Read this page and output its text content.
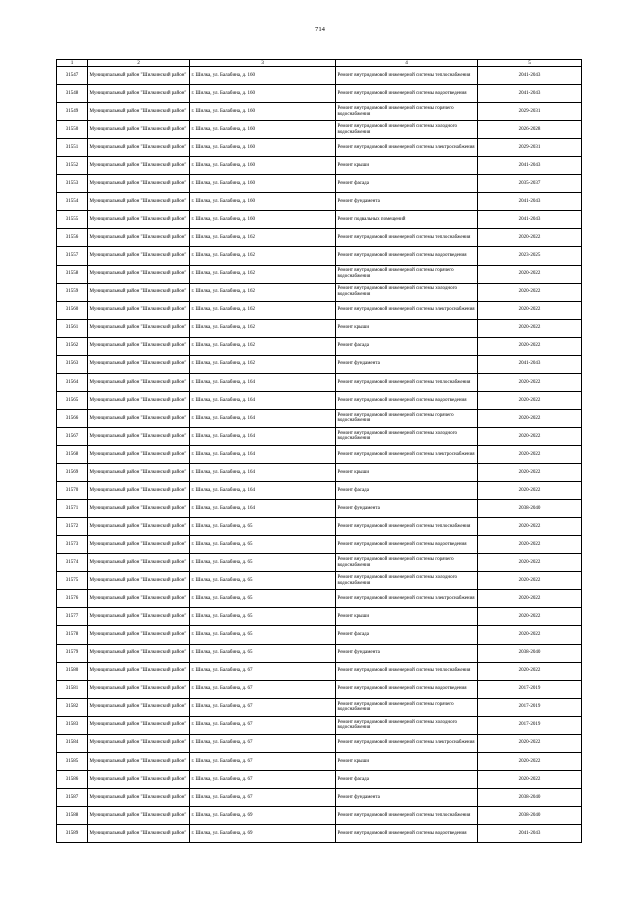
714
1	2	3	4	5
31547	Муниципальный район "Шилкинский район"	г. Шилка, ул. Балабина, д. 160	Ремонт внутридомовой инженерной системы теплоснабжения	2041-2043
31548	Муниципальный район "Шилкинский район"	г. Шилка, ул. Балабина, д. 160	Ремонт внутридомовой инженерной системы водоотведения	2041-2043
31549	Муниципальный район "Шилкинский район"	г. Шилка, ул. Балабина, д. 160	Ремонт внутридомовой инженерной системы горячего водоснабжения	2029-2031
31550	Муниципальный район "Шилкинский район"	г. Шилка, ул. Балабина, д. 160	Ремонт внутридомовой инженерной системы холодного водоснабжения	2026-2028
31551	Муниципальный район "Шилкинский район"	г. Шилка, ул. Балабина, д. 160	Ремонт внутридомовой инженерной системы электроснабжения	2029-2031
31552	Муниципальный район "Шилкинский район"	г. Шилка, ул. Балабина, д. 160	Ремонт крыши	2041-2043
31553	Муниципальный район "Шилкинский район"	г. Шилка, ул. Балабина, д. 160	Ремонт фасада	2035-2037
31554	Муниципальный район "Шилкинский район"	г. Шилка, ул. Балабина, д. 160	Ремонт фундамента	2041-2043
31555	Муниципальный район "Шилкинский район"	г. Шилка, ул. Балабина, д. 160	Ремонт подвальных помещений	2041-2043
31556	Муниципальный район "Шилкинский район"	г. Шилка, ул. Балабина, д. 162	Ремонт внутридомовой инженерной системы теплоснабжения	2020-2022
31557	Муниципальный район "Шилкинский район"	г. Шилка, ул. Балабина, д. 162	Ремонт внутридомовой инженерной системы водоотведения	2023-2025
31558	Муниципальный район "Шилкинский район"	г. Шилка, ул. Балабина, д. 162	Ремонт внутридомовой инженерной системы горячего водоснабжения	2020-2022
31559	Муниципальный район "Шилкинский район"	г. Шилка, ул. Балабина, д. 162	Ремонт внутридомовой инженерной системы холодного водоснабжения	2020-2022
31560	Муниципальный район "Шилкинский район"	г. Шилка, ул. Балабина, д. 162	Ремонт внутридомовой инженерной системы электроснабжения	2020-2022
31561	Муниципальный район "Шилкинский район"	г. Шилка, ул. Балабина, д. 162	Ремонт крыши	2020-2022
31562	Муниципальный район "Шилкинский район"	г. Шилка, ул. Балабина, д. 162	Ремонт фасада	2020-2022
31563	Муниципальный район "Шилкинский район"	г. Шилка, ул. Балабина, д. 162	Ремонт фундамента	2041-2043
31564	Муниципальный район "Шилкинский район"	г. Шилка, ул. Балабина, д. 164	Ремонт внутридомовой инженерной системы теплоснабжения	2020-2022
31565	Муниципальный район "Шилкинский район"	г. Шилка, ул. Балабина, д. 164	Ремонт внутридомовой инженерной системы водоотведения	2020-2022
31566	Муниципальный район "Шилкинский район"	г. Шилка, ул. Балабина, д. 164	Ремонт внутридомовой инженерной системы горячего водоснабжения	2020-2022
31567	Муниципальный район "Шилкинский район"	г. Шилка, ул. Балабина, д. 164	Ремонт внутридомовой инженерной системы холодного водоснабжения	2020-2022
31568	Муниципальный район "Шилкинский район"	г. Шилка, ул. Балабина, д. 164	Ремонт внутридомовой инженерной системы электроснабжения	2020-2022
31569	Муниципальный район "Шилкинский район"	г. Шилка, ул. Балабина, д. 164	Ремонт крыши	2020-2022
31570	Муниципальный район "Шилкинский район"	г. Шилка, ул. Балабина, д. 164	Ремонт фасада	2020-2022
31571	Муниципальный район "Шилкинский район"	г. Шилка, ул. Балабина, д. 164	Ремонт фундамента	2038-2040
31572	Муниципальный район "Шилкинский район"	г. Шилка, ул. Балабина, д. 65	Ремонт внутридомовой инженерной системы теплоснабжения	2020-2022
31573	Муниципальный район "Шилкинский район"	г. Шилка, ул. Балабина, д. 65	Ремонт внутридомовой инженерной системы водоотведения	2020-2022
31574	Муниципальный район "Шилкинский район"	г. Шилка, ул. Балабина, д. 65	Ремонт внутридомовой инженерной системы горячего водоснабжения	2020-2022
31575	Муниципальный район "Шилкинский район"	г. Шилка, ул. Балабина, д. 65	Ремонт внутридомовой инженерной системы холодного водоснабжения	2020-2022
31576	Муниципальный район "Шилкинский район"	г. Шилка, ул. Балабина, д. 65	Ремонт внутридомовой инженерной системы электроснабжения	2020-2022
31577	Муниципальный район "Шилкинский район"	г. Шилка, ул. Балабина, д. 65	Ремонт крыши	2020-2022
31578	Муниципальный район "Шилкинский район"	г. Шилка, ул. Балабина, д. 65	Ремонт фасада	2020-2022
31579	Муниципальный район "Шилкинский район"	г. Шилка, ул. Балабина, д. 65	Ремонт фундамента	2038-2040
31580	Муниципальный район "Шилкинский район"	г. Шилка, ул. Балабина, д. 67	Ремонт внутридомовой инженерной системы теплоснабжения	2020-2022
31581	Муниципальный район "Шилкинский район"	г. Шилка, ул. Балабина, д. 67	Ремонт внутридомовой инженерной системы водоотведения	2017-2019
31582	Муниципальный район "Шилкинский район"	г. Шилка, ул. Балабина, д. 67	Ремонт внутридомовой инженерной системы горячего водоснабжения	2017-2019
31583	Муниципальный район "Шилкинский район"	г. Шилка, ул. Балабина, д. 67	Ремонт внутридомовой инженерной системы холодного водоснабжения	2017-2019
31584	Муниципальный район "Шилкинский район"	г. Шилка, ул. Балабина, д. 67	Ремонт внутридомовой инженерной системы электроснабжения	2020-2022
31585	Муниципальный район "Шилкинский район"	г. Шилка, ул. Балабина, д. 67	Ремонт крыши	2020-2022
31586	Муниципальный район "Шилкинский район"	г. Шилка, ул. Балабина, д. 67	Ремонт фасада	2020-2022
31587	Муниципальный район "Шилкинский район"	г. Шилка, ул. Балабина, д. 67	Ремонт фундамента	2038-2040
31588	Муниципальный район "Шилкинский район"	г. Шилка, ул. Балабина, д. 69	Ремонт внутридомовой инженерной системы теплоснабжения	2038-2040
31589	Муниципальный район "Шилкинский район"	г. Шилка, ул. Балабина, д. 69	Ремонт внутридомовой инженерной системы водоотведения	2041-2043
